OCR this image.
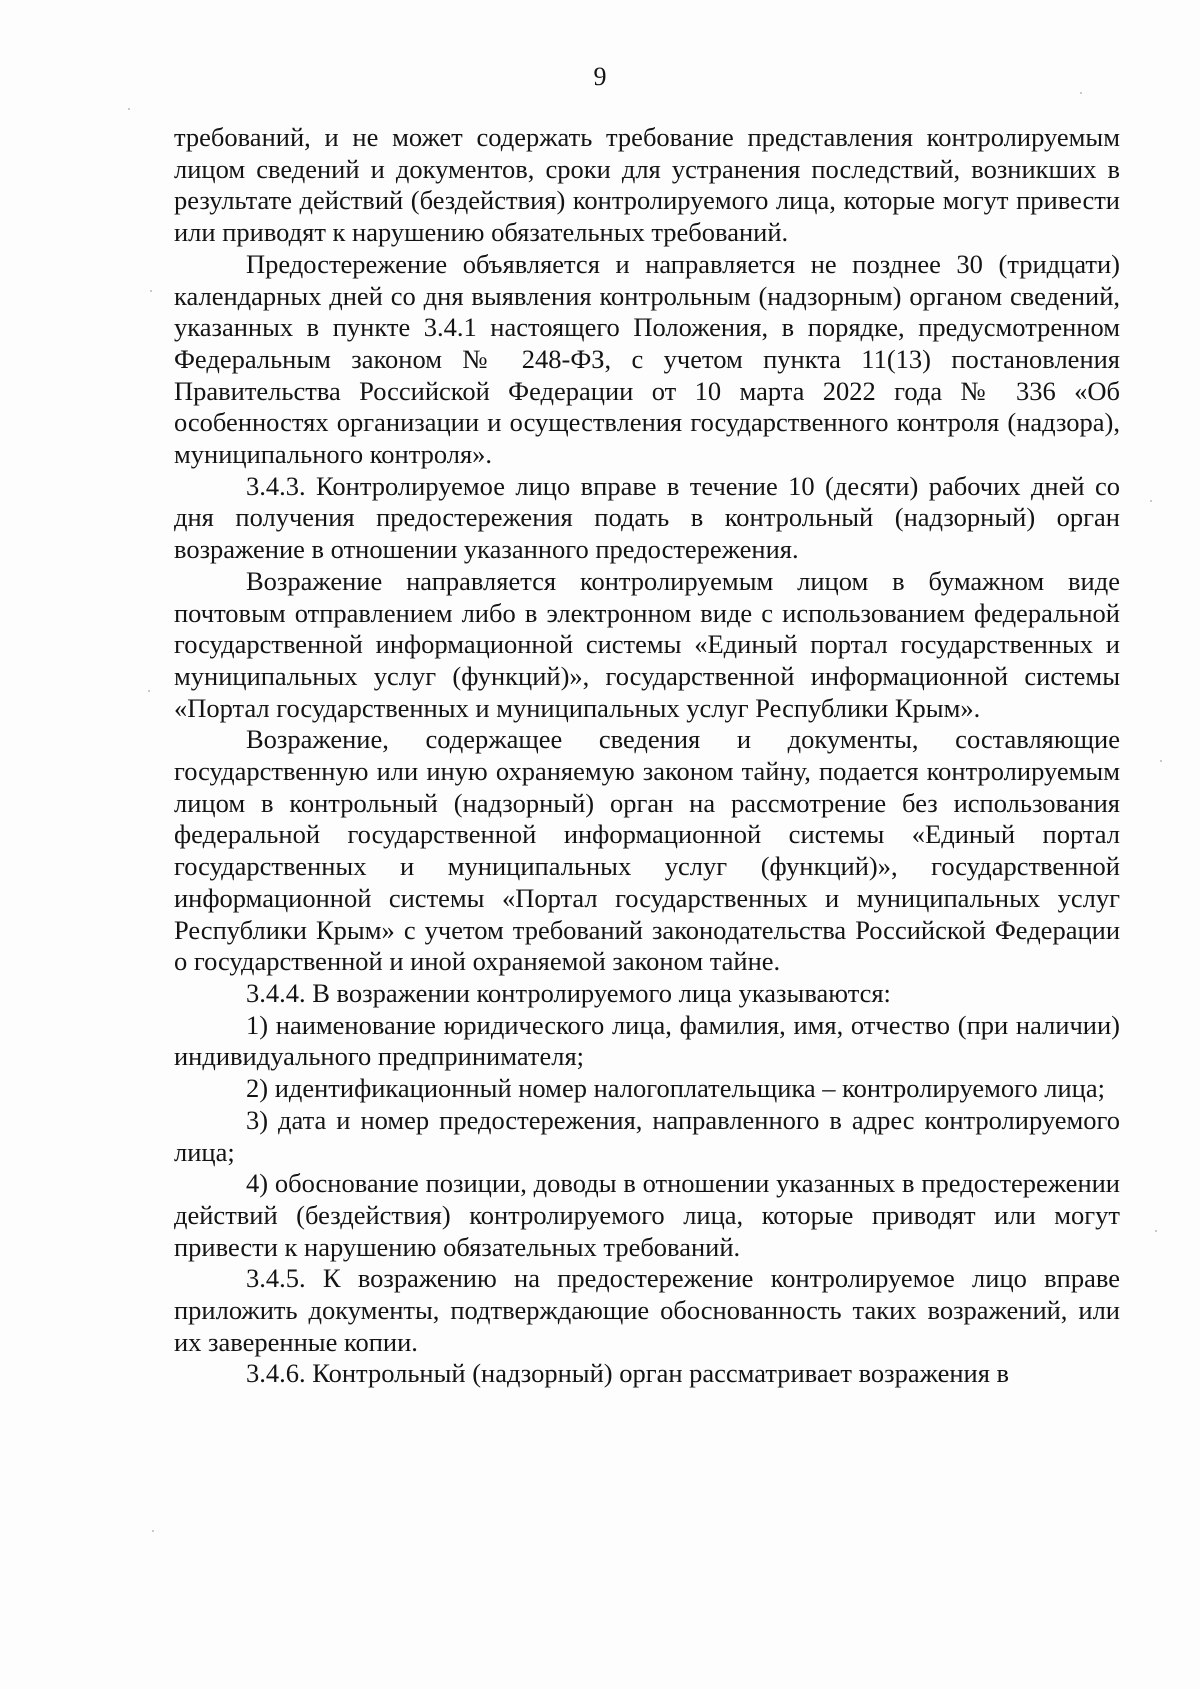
9

требований, и не может содержать требование представления контролируемым лицом сведений и документов, сроки для устранения последствий, возникших в результате действий (бездействия) контролируемого лица, которые могут привести или приводят к нарушению обязательных требований.

Предостережение объявляется и направляется не позднее 30 (тридцати) календарных дней со дня выявления контрольным (надзорным) органом сведений, указанных в пункте 3.4.1 настоящего Положения, в порядке, предусмотренном Федеральным законом № 248-ФЗ, с учетом пункта 11(13) постановления Правительства Российской Федерации от 10 марта 2022 года № 336 «Об особенностях организации и осуществления государственного контроля (надзора), муниципального контроля».

3.4.3. Контролируемое лицо вправе в течение 10 (десяти) рабочих дней со дня получения предостережения подать в контрольный (надзорный) орган возражение в отношении указанного предостережения.

Возражение направляется контролируемым лицом в бумажном виде почтовым отправлением либо в электронном виде с использованием федеральной государственной информационной системы «Единый портал государственных и муниципальных услуг (функций)», государственной информационной системы «Портал государственных и муниципальных услуг Республики Крым».

Возражение, содержащее сведения и документы, составляющие государственную или иную охраняемую законом тайну, подается контролируемым лицом в контрольный (надзорный) орган на рассмотрение без использования федеральной государственной информационной системы «Единый портал государственных и муниципальных услуг (функций)», государственной информационной системы «Портал государственных и муниципальных услуг Республики Крым» с учетом требований законодательства Российской Федерации о государственной и иной охраняемой законом тайне.

3.4.4. В возражении контролируемого лица указываются:

1) наименование юридического лица, фамилия, имя, отчество (при наличии) индивидуального предпринимателя;

2) идентификационный номер налогоплательщика – контролируемого лица;

3) дата и номер предостережения, направленного в адрес контролируемого лица;

4) обоснование позиции, доводы в отношении указанных в предостережении действий (бездействия) контролируемого лица, которые приводят или могут привести к нарушению обязательных требований.

3.4.5. К возражению на предостережение контролируемое лицо вправе приложить документы, подтверждающие обоснованность таких возражений, или их заверенные копии.

3.4.6. Контрольный (надзорный) орган рассматривает возражения в
